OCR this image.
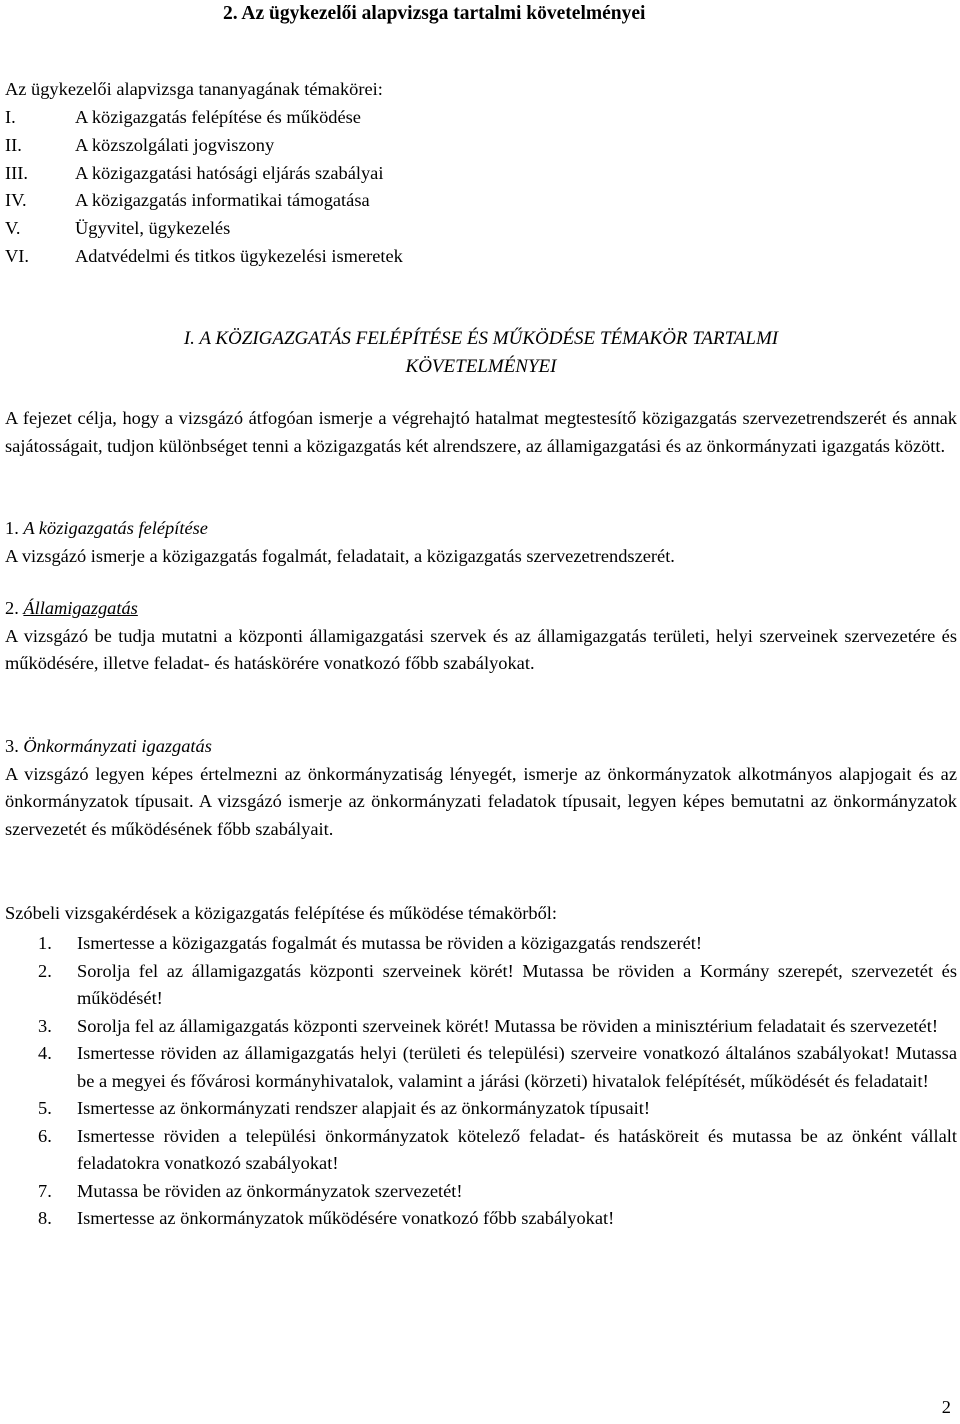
2. Az ügykezelői alapvizsga tartalmi követelményei
Az ügykezelői alapvizsga tananyagának témakörei:
I.	A közigazgatás felépítése és működése
II.	A közszolgálati jogviszony
III.	A közigazgatási hatósági eljárás szabályai
IV.	A közigazgatás informatikai támogatása
V.	Ügyvitel, ügykezelés
VI. Adatvédelmi és titkos ügykezelési ismeretek
I. A KÖZIGAZGATÁS FELÉPÍTÉSE ÉS MŰKÖDÉSE TÉMAKÖR TARTALMI
KÖVETELMÉNYEI

A fejezet célja, hogy a vizsgázó átfogóan ismerje a végrehajtó hatalmat megtestesítő közigazgatás szervezetrendszerét és annak sajátosságait, tudjon különbséget tenni a közigazgatás két alrendszere, az államigazgatási és az önkormányzati igazgatás között.

1. A közigazgatás felépítése

A vizsgázó ismerje a közigazgatás fogalmát, feladatait, a közigazgatás szervezetrendszerét.

2. Államigazgatás

A vizsgázó be tudja mutatni a központi államigazgatási szervek és az államigazgatás területi, helyi szerveinek szervezetére és működésére, illetve feladat- és hatáskörére vonatkozó főbb szabályokat.

3. Önkormányzati igazgatás

A vizsgázó legyen képes értelmezni az önkormányzatiság lényegét, ismerje az önkormányzatok alkotmányos alapjogait és az önkormányzatok típusait. A vizsgázó ismerje az önkormányzati feladatok típusait, legyen képes bemutatni az önkormányzatok szervezetét és működésének főbb szabályait.

Szóbeli vizsgakérdések a közigazgatás felépítése és működése témakörből:

1. Ismertesse a közigazgatás fogalmát és mutassa be röviden a közigazgatás rendszerét!
2. Sorolja fel az államigazgatás központi szerveinek körét! Mutassa be röviden a Kormány szerepét, szervezetét és működését!
3. Sorolja fel az államigazgatás központi szerveinek körét! Mutassa be röviden a minisztérium feladatait és szervezetét!
4. Ismertesse röviden az államigazgatás helyi (területi és települési) szerveire vonatkozó általános szabályokat! Mutassa be a megyei és fővárosi kormányhivatalok, valamint a járási (körzeti) hivatalok felépítését, működését és feladatait!
5. Ismertesse az önkormányzati rendszer alapjait és az önkormányzatok típusait!
6. Ismertesse röviden a települési önkormányzatok kötelező feladat- és hatásköreit és mutassa be az önként vállalt feladatokra vonatkozó szabályokat!
7. Mutassa be röviden az önkormányzatok szervezetét!
8. Ismertesse az önkormányzatok működésére vonatkozó főbb szabályokat!
2
